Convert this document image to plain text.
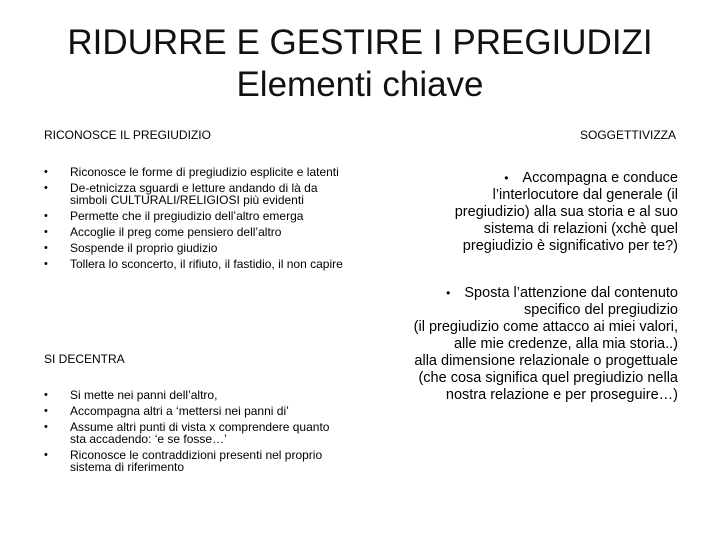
RIDURRE E GESTIRE I PREGIUDIZI
Elementi chiave
RICONOSCE IL PREGIUDIZIO
• Riconosce le forme di pregiudizio esplicite e latenti
• De-etnicizza sguardi e letture andando di là da simboli CULTURALI/RELIGIOSI più evidenti
• Permette che il pregiudizio dell’altro emerga
• Accoglie il preg come pensiero dell’altro
• Sospende il proprio giudizio
• Tollera lo sconcerto, il rifiuto, il fastidio, il non capire
SI DECENTRA
• Si mette nei panni dell’altro,
• Accompagna altri a ‘mettersi nei panni di’
• Assume altri punti di vista x comprendere quanto sta accadendo: ‘e se fosse…’
• Riconosce le contraddizioni presenti nel proprio sistema di riferimento
SOGGETTIVIZZA
• Accompagna e conduce
l’interlocutore dal generale (il
pregiudizio) alla sua storia e al suo
sistema di relazioni (xchè quel
pregiudizio è significativo per te?)
• Sposta l’attenzione dal contenuto
specifico del pregiudizio
(il pregiudizio come attacco ai miei valori,
alle mie credenze, alla mia storia..)
alla dimensione relazionale o progettuale
(che cosa significa quel pregiudizio nella
nostra relazione e per proseguire…)
